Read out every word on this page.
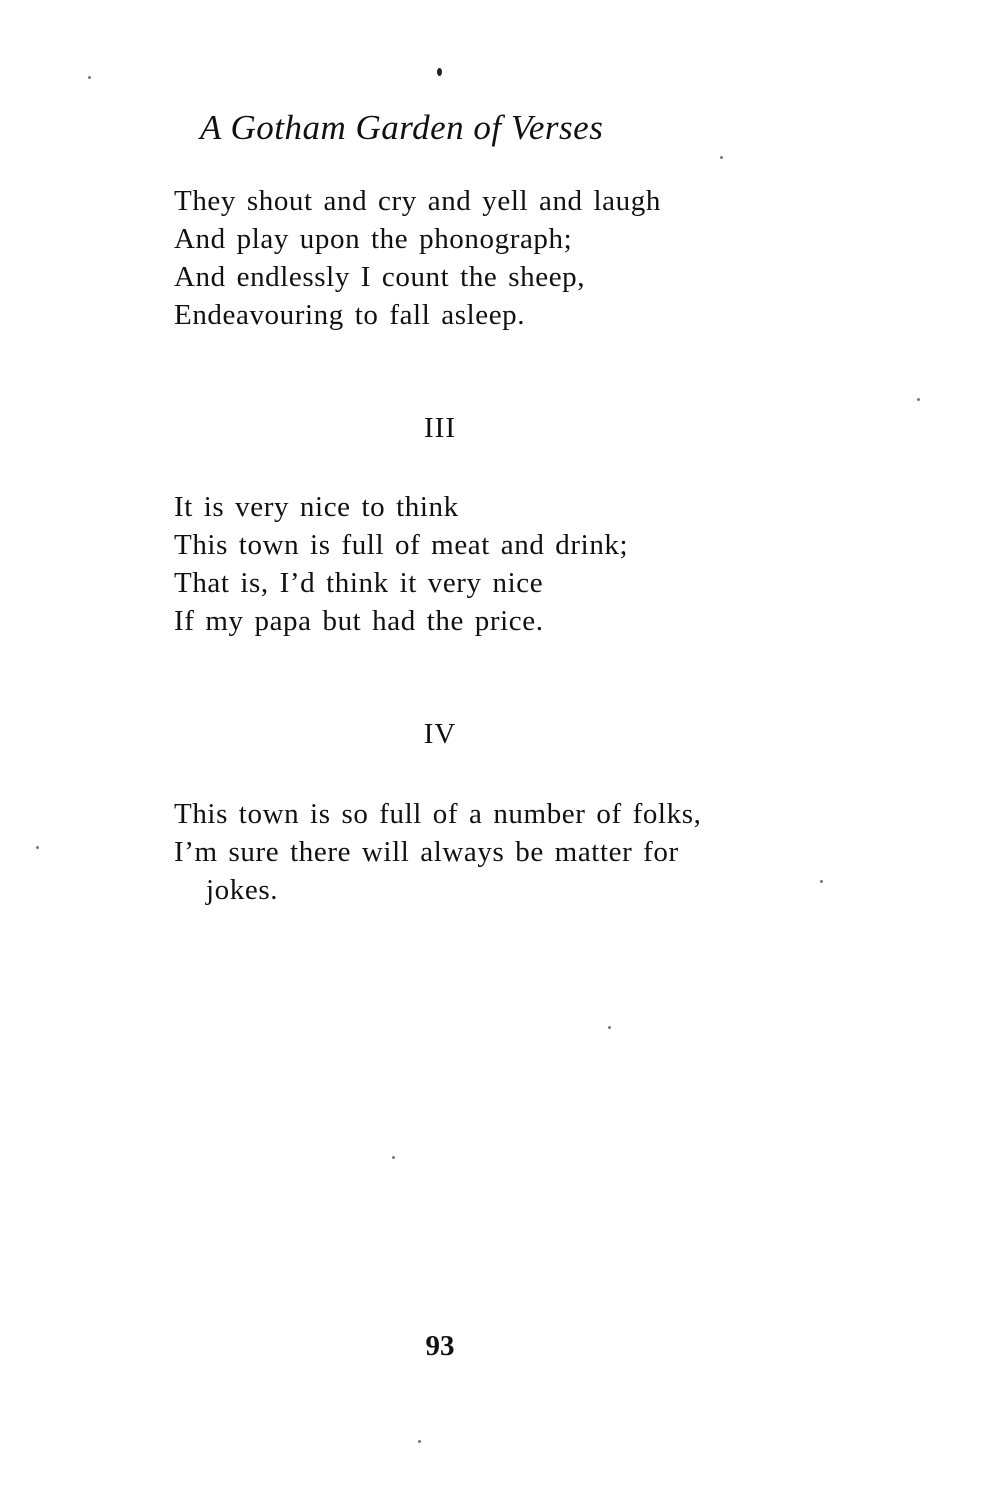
A Gotham Garden of Verses

They shout and cry and yell and laugh
And play upon the phonograph;
And endlessly I count the sheep,
Endeavouring to fall asleep.

III

It is very nice to think
This town is full of meat and drink;
That is, I’d think it very nice
If my papa but had the price.

IV

This town is so full of a number of folks,
I’m sure there will always be matter for
jokes.

93
